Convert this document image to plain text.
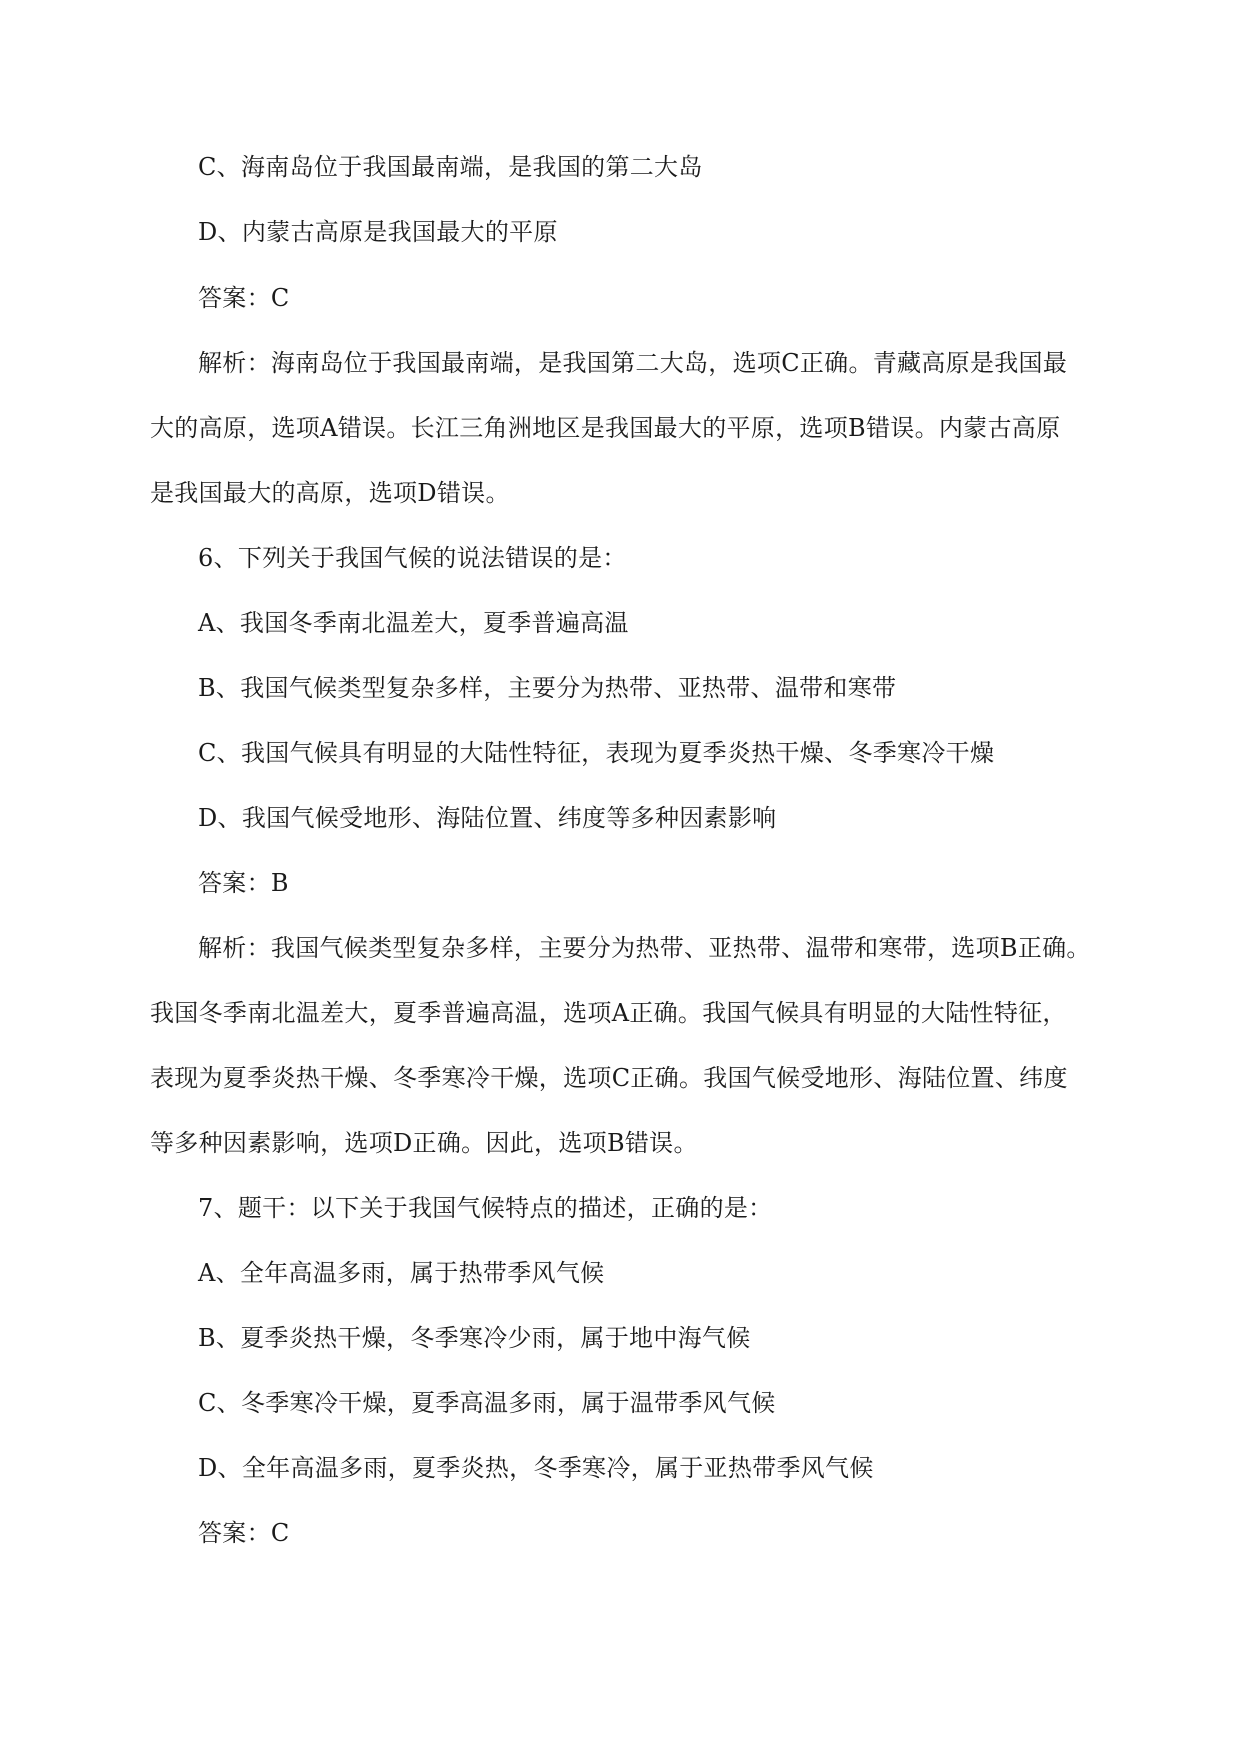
C、海南岛位于我国最南端，是我国的第二大岛
D、内蒙古高原是我国最大的平原
答案：C
解析：海南岛位于我国最南端，是我国第二大岛，选项C正确。青藏高原是我国最
大的高原，选项A错误。长江三角洲地区是我国最大的平原，选项B错误。内蒙古高原
是我国最大的高原，选项D错误。
6、下列关于我国气候的说法错误的是：
A、我国冬季南北温差大，夏季普遍高温
B、我国气候类型复杂多样，主要分为热带、亚热带、温带和寒带
C、我国气候具有明显的大陆性特征，表现为夏季炎热干燥、冬季寒冷干燥
D、我国气候受地形、海陆位置、纬度等多种因素影响
答案：B
解析：我国气候类型复杂多样，主要分为热带、亚热带、温带和寒带，选项B正确。
我国冬季南北温差大，夏季普遍高温，选项A正确。我国气候具有明显的大陆性特征，
表现为夏季炎热干燥、冬季寒冷干燥，选项C正确。我国气候受地形、海陆位置、纬度
等多种因素影响，选项D正确。因此，选项B错误。
7、题干：以下关于我国气候特点的描述，正确的是：
A、全年高温多雨，属于热带季风气候
B、夏季炎热干燥，冬季寒冷少雨，属于地中海气候
C、冬季寒冷干燥，夏季高温多雨，属于温带季风气候
D、全年高温多雨，夏季炎热，冬季寒冷，属于亚热带季风气候
答案：C
